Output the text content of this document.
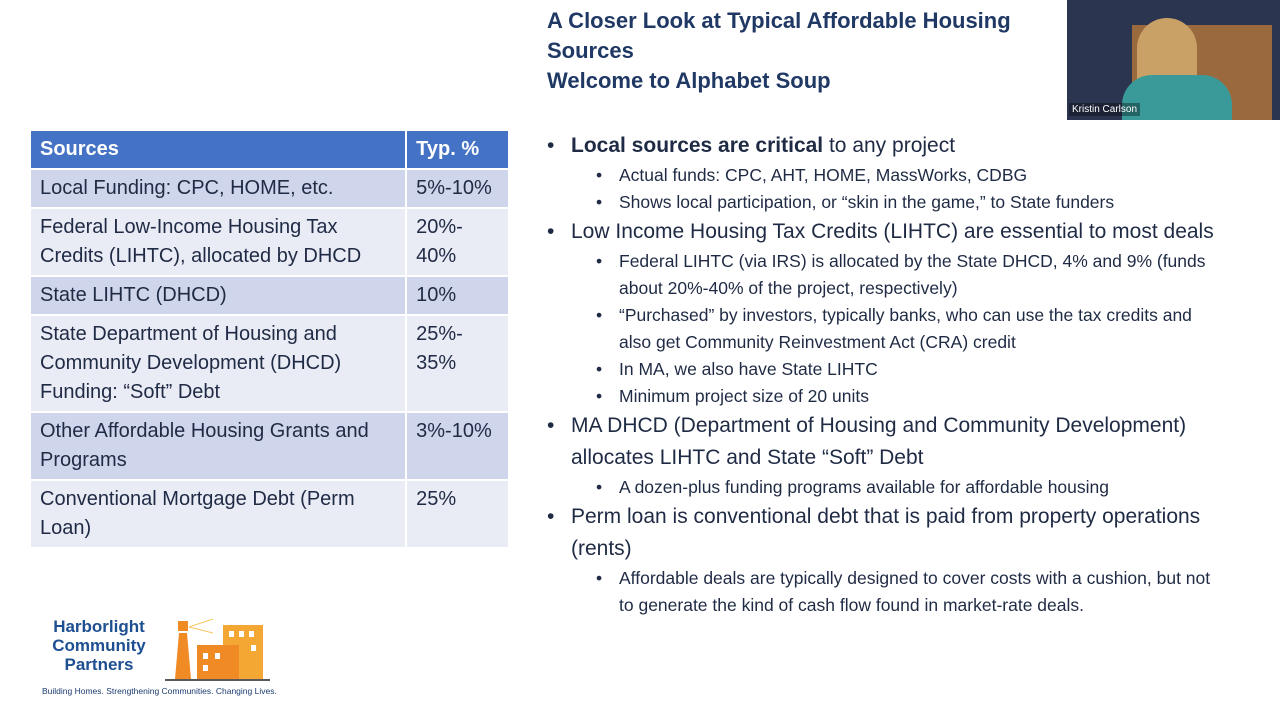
A Closer Look at Typical Affordable Housing Sources
Welcome to Alphabet Soup
Sources	Typ. %
Local Funding: CPC, HOME, etc.	5%-10%
Federal Low-Income Housing Tax Credits (LIHTC), allocated by DHCD	20%- 40%
State LIHTC (DHCD)	10%
State Department of Housing and Community Development (DHCD) Funding: “Soft” Debt	25%- 35%
Other Affordable Housing Grants and Programs	3%-10%
Conventional Mortgage Debt (Perm Loan)	25%
• Local sources are critical to any project
• Actual funds: CPC, AHT, HOME, MassWorks, CDBG
• Shows local participation, or “skin in the game,” to State funders
• Low Income Housing Tax Credits (LIHTC) are essential to most deals
• Federal LIHTC (via IRS) is allocated by the State DHCD, 4% and 9% (funds about 20%-40% of the project, respectively)
• “Purchased” by investors, typically banks, who can use the tax credits and also get Community Reinvestment Act (CRA) credit
• In MA, we also have State LIHTC
• Minimum project size of 20 units
• MA DHCD (Department of Housing and Community Development) allocates LIHTC and State “Soft” Debt
• A dozen-plus funding programs available for affordable housing
• Perm loan is conventional debt that is paid from property operations (rents)
• Affordable deals are typically designed to cover costs with a cushion, but not to generate the kind of cash flow found in market-rate deals.
Harborlight
Community
Partners
Building Homes. Strengthening Communities. Changing Lives.
Kristin Carlson
